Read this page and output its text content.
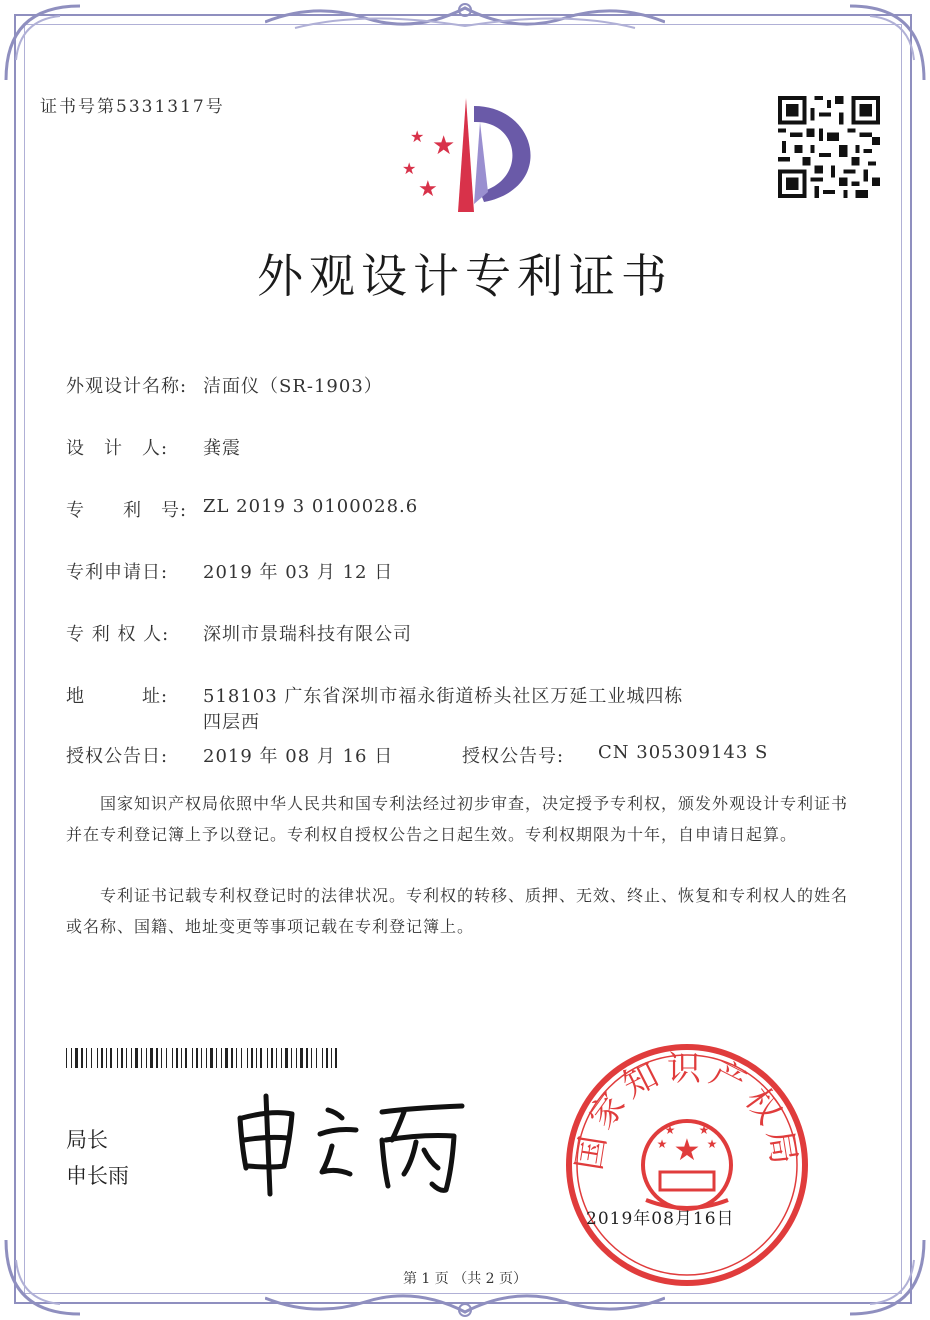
证书号第5331317号
★
★
★
★
外观设计专利证书
外观设计名称: 洁面仪（SR-1903）
设　计　人:	龚震
专　　利　号: ZL 2019 3 0100028.6
专利申请日:	2019 年 03 月 12 日
专 利 权 人:	深圳市景瑞科技有限公司
地　　　址:	518103 广东省深圳市福永街道桥头社区万延工业城四栋
四层西
授权公告日:	2019 年 08 月 16 日	授权公告号: CN 305309143 S
国家知识产权局依照中华人民共和国专利法经过初步审查，决定授予专利权，颁发外观设计专利证书并在专利登记簿上予以登记。专利权自授权公告之日起生效。专利权期限为十年，自申请日起算。
专利证书记载专利权登记时的法律状况。专利权的转移、质押、无效、终止、恢复和专利权人的姓名或名称、国籍、地址变更等事项记载在专利登记簿上。
局长
申长雨
国家知识产权局
★
★	★
★ ★
2019年08月16日
第 1 页 （共 2 页）
